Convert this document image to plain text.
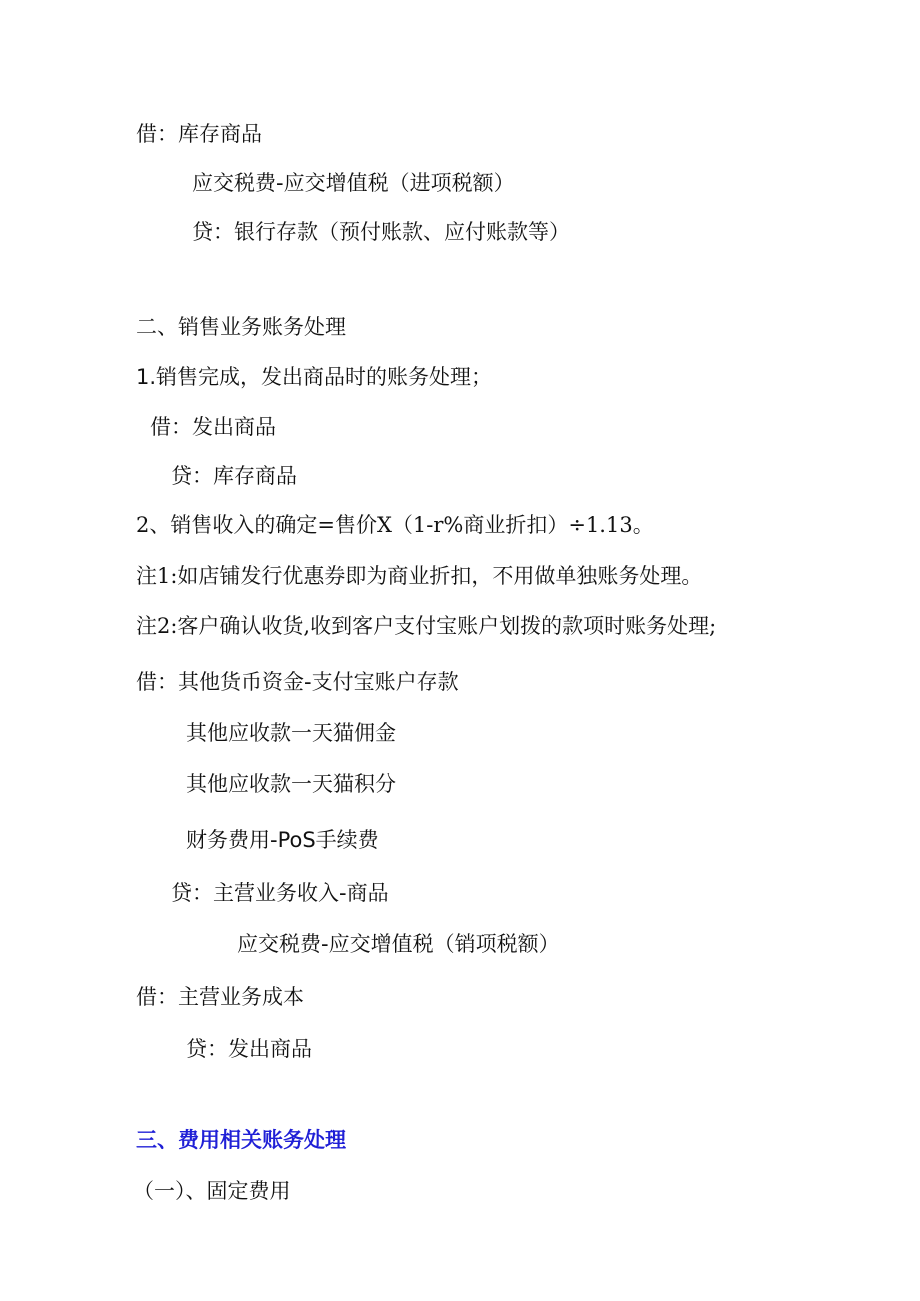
借：库存商品
应交税费-应交增值税（进项税额）
贷：银行存款（预付账款、应付账款等）
二、销售业务账务处理
1.销售完成，发出商品时的账务处理；
借：发出商品
贷：库存商品
2、销售收入的确定=售价X（1-r%商业折扣）÷1.13。
注1:如店铺发行优惠券即为商业折扣，不用做单独账务处理。
注2:客户确认收货,收到客户支付宝账户划拨的款项时账务处理;
借：其他货币资金-支付宝账户存款
其他应收款一天猫佣金
其他应收款一天猫积分
财务费用-PoS手续费
贷：主营业务收入-商品
应交税费-应交增值税（销项税额）
借：主营业务成本
贷：发出商品
三、费用相关账务处理
（一）、固定费用
